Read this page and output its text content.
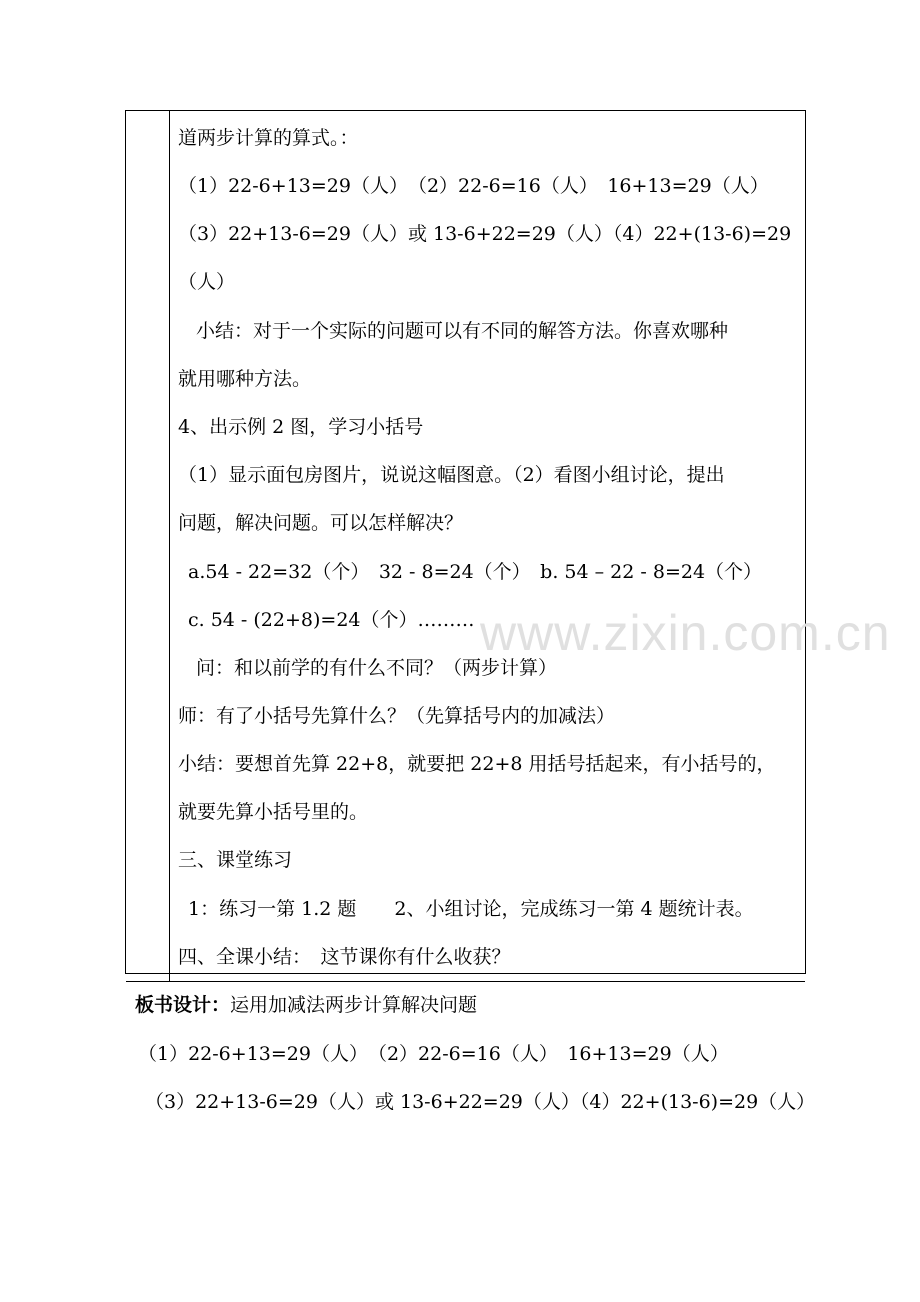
道两步计算的算式。：
（1）22-6+13=29（人）　（2）22-6=16（人）　16+13=29（人）
（3）22+13-6=29（人）或 13-6+22=29（人）（4）22+(13-6)=29
（人）
小结：对于一个实际的问题可以有不同的解答方法。你喜欢哪种
就用哪种方法。
4、出示例 2 图，学习小括号
（1）显示面包房图片，说说这幅图意。（2）看图小组讨论，提出
问题，解决问题。可以怎样解决？
a.54 - 22=32（个）　32 - 8=24（个）　b. 54 – 22 - 8=24（个）
c. 54 - (22+8)=24（个）………
问：和以前学的有什么不同？（两步计算）
师：有了小括号先算什么？（先算括号内的加减法）
小结：要想首先算 22+8，就要把 22+8 用括号括起来，有小括号的，
就要先算小括号里的。
三、课堂练习
1：练习一第 1.2 题　　2、小组讨论，完成练习一第 4 题统计表。
四、全课小结：　这节课你有什么收获？
板书设计：运用加减法两步计算解决问题
（1）22-6+13=29（人）　（2）22-6=16（人）　16+13=29（人）
（3）22+13-6=29（人）或 13-6+22=29（人）（4）22+(13-6)=29（人）
www.zixin.com.cn
